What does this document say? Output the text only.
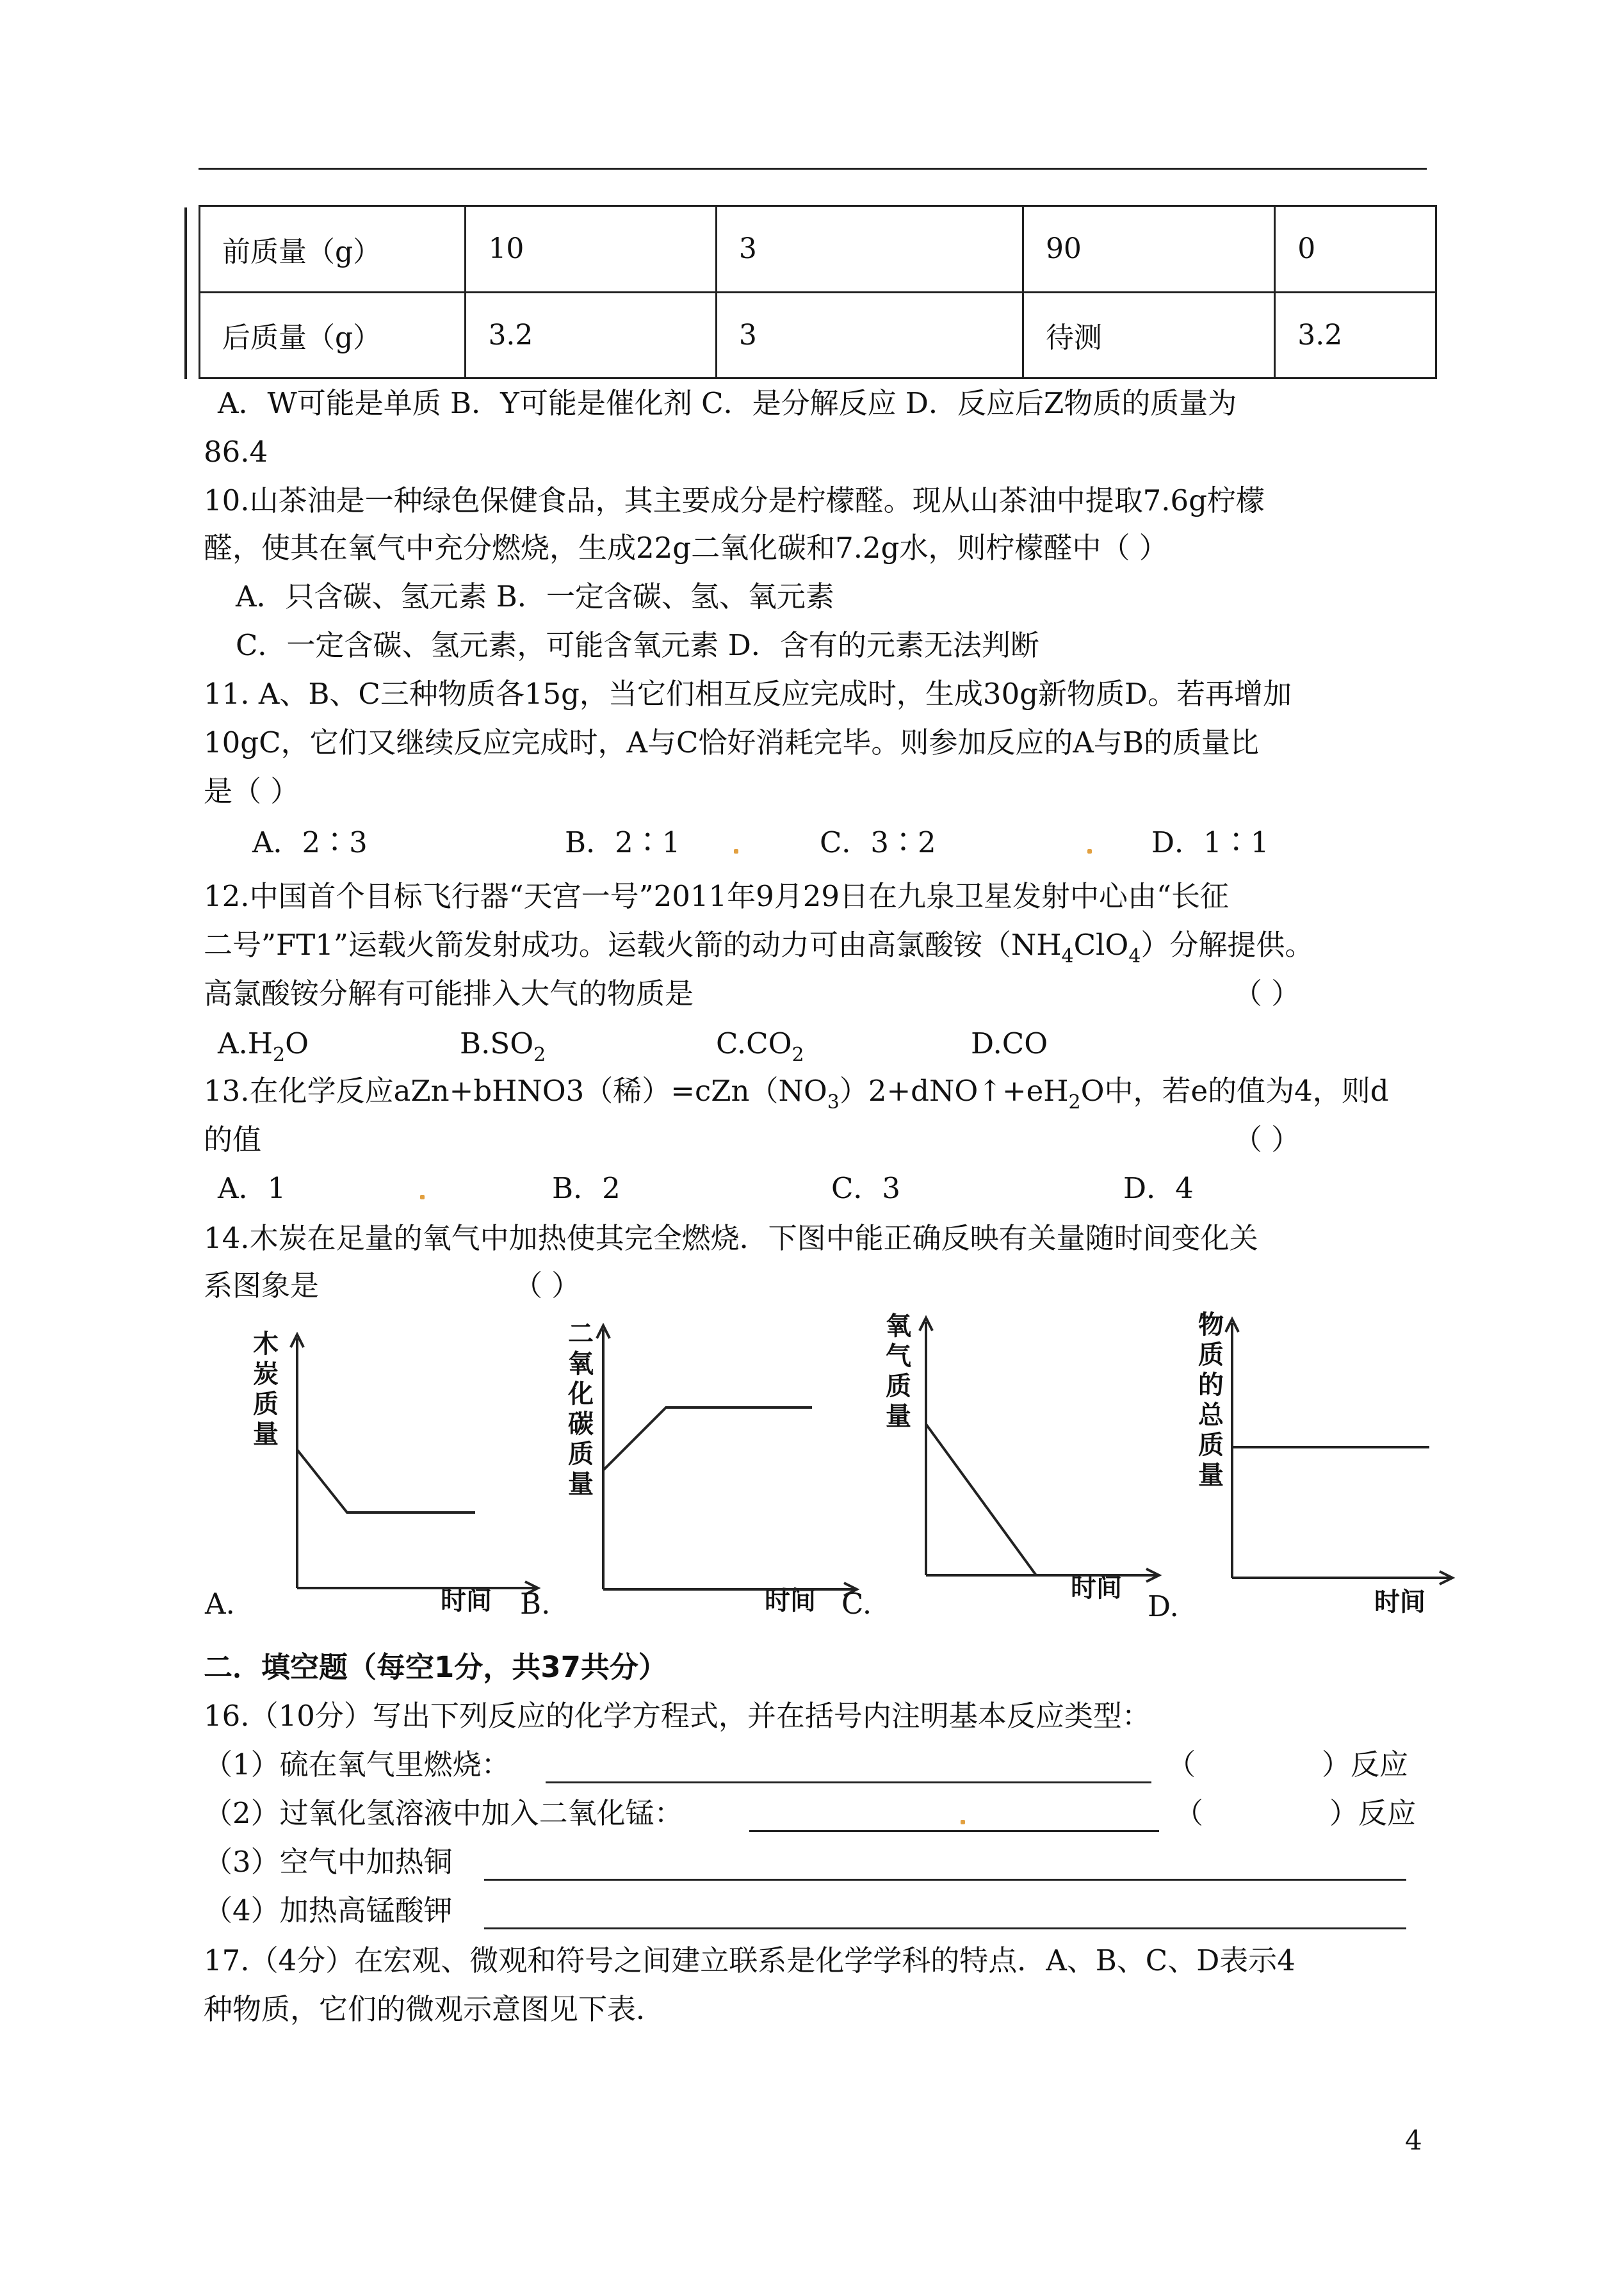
前质量（g）	10	3	90	0
后质量（g）	3.2	3	待测	3.2
A．W可能是单质 B．Y可能是催化剂 C．是分解反应 D．反应后Z物质的质量为
86.4
10.山茶油是一种绿色保健食品，其主要成分是柠檬醛。现从山茶油中提取7.6g柠檬
醛，使其在氧气中充分燃烧，生成22g二氧化碳和7.2g水，则柠檬醛中（ ）
A．只含碳、氢元素 B．一定含碳、氢、氧元素
C．一定含碳、氢元素，可能含氧元素 D．含有的元素无法判断
11. A、B、C三种物质各15g，当它们相互反应完成时，生成30g新物质D。若再增加
10gC，它们又继续反应完成时，A与C恰好消耗完毕。则参加反应的A与B的质量比
是（ ）
A．2∶3	B．2∶1	C．3∶2	D．1∶1
12.中国首个目标飞行器“天宫一号”2011年9月29日在九泉卫星发射中心由“长征
二号”FT1”运载火箭发射成功。运载火箭的动力可由高氯酸铵$(NH_4ClO_4)$分解提供。
高氯酸铵分解有可能排入大气的物质是	（ ）
$A.H_2O$	$B.SO_2$	$C.CO_2$	D.CO
13.在化学反应aZn+bHNO3（稀）$=cZn(NO_3)2+dNO↑+eH_2O$中，若e的值为4，则d
的值	（ ）
A．1	B．2	C．3	D．4
14.木炭在足量的氧气中加热使其完全燃烧．下图中能正确反映有关量随时间变化关
系图象是	（ ）
A.
木炭质量
时间 B.
二氧化碳质量
时间 C.
氧气质量
时间
D.
物质的总质量
时间
二．填空题（每空1分，共37共分）
16.（10分）写出下列反应的化学方程式，并在括号内注明基本反应类型：
（1）硫在氧气里燃烧：	（	）反应
（2）过氧化氢溶液中加入二氧化锰：	（	）反应
（3）空气中加热铜
（4）加热高锰酸钾
17.（4分）在宏观、微观和符号之间建立联系是化学学科的特点．A、B、C、D表示4
种物质，它们的微观示意图见下表．
4
